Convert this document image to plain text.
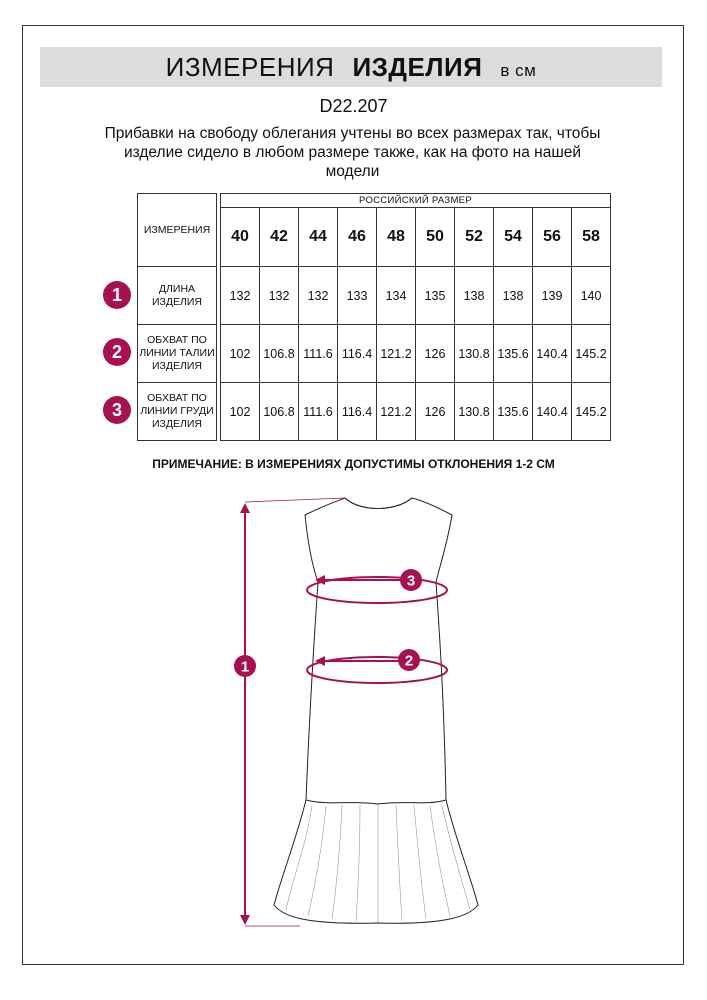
ИЗМЕРЕНИЯ ИЗДЕЛИЯ в см
D22.207
Прибавки на свободу облегания учтены во всех размерах так, чтобы изделие сидело в любом размере также, как на фото на нашей модели
ИЗМЕРЕНИЯ		РОССИЙСКИЙ РАЗМЕР									
		40	42	44	46	48	50	52	54	56	58
ДЛИНА ИЗДЕЛИЯ		132	132	132	133	134	135	138	138	139	140
ОБХВАТ ПО ЛИНИИ ТАЛИИ ИЗДЕЛИЯ		102	106.8	111.6	116.4	121.2	126	130.8	135.6	140.4	145.2
ОБХВАТ ПО ЛИНИИ ГРУДИ ИЗДЕЛИЯ		102	106.8	111.6	116.4	121.2	126	130.8	135.6	140.4	145.2
1
2
3
ПРИМЕЧАНИЕ: В ИЗМЕРЕНИЯХ ДОПУСТИМЫ ОТКЛОНЕНИЯ 1-2 СМ
1	2
3
